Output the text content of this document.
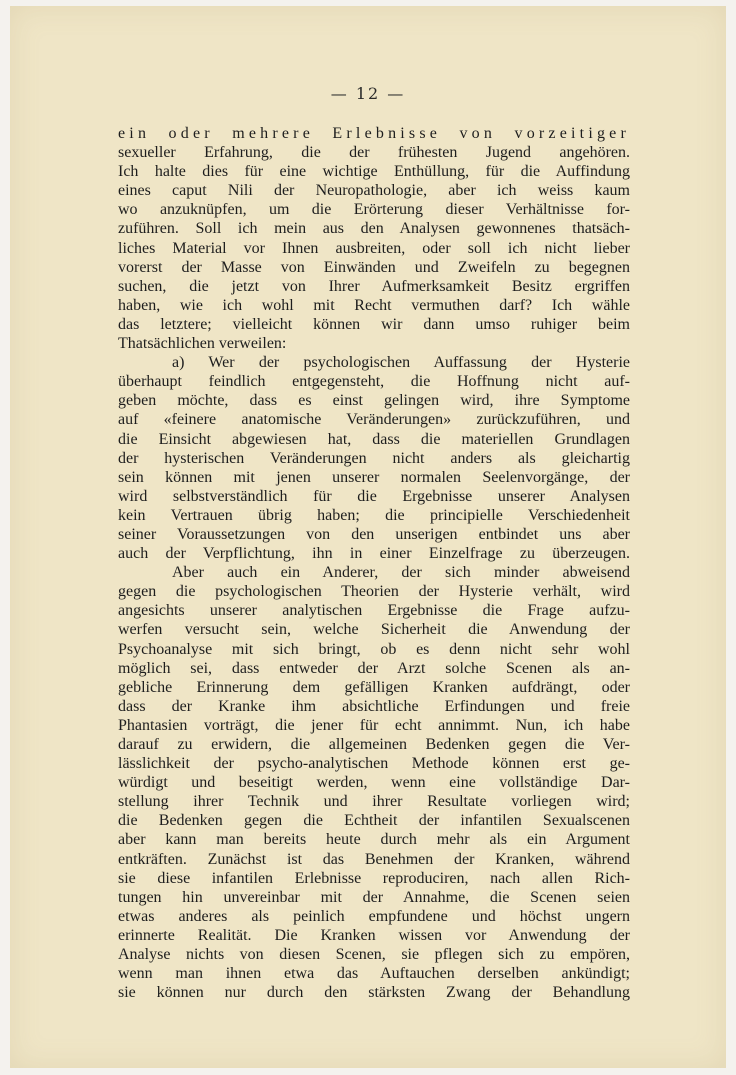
— 12 —
ein oder mehrere Erlebnisse von vorzeitiger
sexueller Erfahrung, die der frühesten Jugend angehören.
Ich halte dies für eine wichtige Enthüllung, für die Auffindung
eines caput Nili der Neuropathologie, aber ich weiss kaum
wo anzuknüpfen, um die Erörterung dieser Verhältnisse for-
zuführen. Soll ich mein aus den Analysen gewonnenes thatsäch-
liches Material vor Ihnen ausbreiten, oder soll ich nicht lieber
vorerst der Masse von Einwänden und Zweifeln zu begegnen
suchen, die jetzt von Ihrer Aufmerksamkeit Besitz ergriffen
haben, wie ich wohl mit Recht vermuthen darf? Ich wähle
das letztere; vielleicht können wir dann umso ruhiger beim
Thatsächlichen verweilen:
a) Wer der psychologischen Auffassung der Hysterie
überhaupt feindlich entgegensteht, die Hoffnung nicht auf-
geben möchte, dass es einst gelingen wird, ihre Symptome
auf «feinere anatomische Veränderungen» zurückzuführen, und
die Einsicht abgewiesen hat, dass die materiellen Grundlagen
der hysterischen Veränderungen nicht anders als gleichartig
sein können mit jenen unserer normalen Seelenvorgänge, der
wird selbstverständlich für die Ergebnisse unserer Analysen
kein Vertrauen übrig haben; die principielle Verschiedenheit
seiner Voraussetzungen von den unserigen entbindet uns aber
auch der Verpflichtung, ihn in einer Einzelfrage zu überzeugen.
Aber auch ein Anderer, der sich minder abweisend
gegen die psychologischen Theorien der Hysterie verhält, wird
angesichts unserer analytischen Ergebnisse die Frage aufzu-
werfen versucht sein, welche Sicherheit die Anwendung der
Psychoanalyse mit sich bringt, ob es denn nicht sehr wohl
möglich sei, dass entweder der Arzt solche Scenen als an-
gebliche Erinnerung dem gefälligen Kranken aufdrängt, oder
dass der Kranke ihm absichtliche Erfindungen und freie
Phantasien vorträgt, die jener für echt annimmt. Nun, ich habe
darauf zu erwidern, die allgemeinen Bedenken gegen die Ver-
lässlichkeit der psycho-analytischen Methode können erst ge-
würdigt und beseitigt werden, wenn eine vollständige Dar-
stellung ihrer Technik und ihrer Resultate vorliegen wird;
die Bedenken gegen die Echtheit der infantilen Sexualscenen
aber kann man bereits heute durch mehr als ein Argument
entkräften. Zunächst ist das Benehmen der Kranken, während
sie diese infantilen Erlebnisse reproduciren, nach allen Rich-
tungen hin unvereinbar mit der Annahme, die Scenen seien
etwas anderes als peinlich empfundene und höchst ungern
erinnerte Realität. Die Kranken wissen vor Anwendung der
Analyse nichts von diesen Scenen, sie pflegen sich zu empören,
wenn man ihnen etwa das Auftauchen derselben ankündigt;
sie können nur durch den stärksten Zwang der Behandlung
